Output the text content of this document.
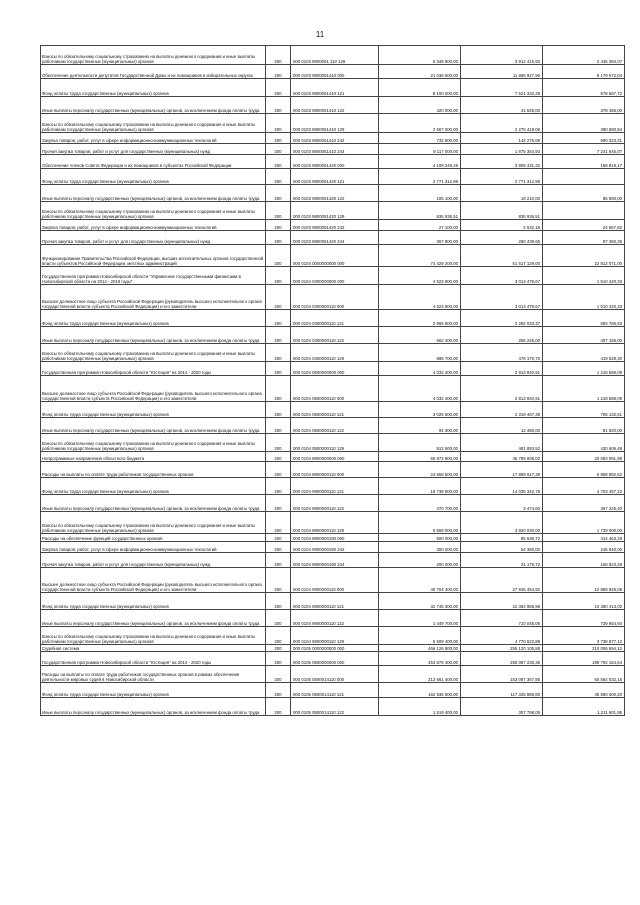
11
Взносы по обязательному социальному страхованию на выплаты денежного содержания и иные выплаты работникам государственных (муниципальных) органов	200	000 0103 8900051 110 129	6 348 800,00	3 912 415,93	2 436 384,07
Обеспечение деятельности депутатов Государственной Думы и их помощников в избирательных округах	200	000 0103 9800051410 000	21 036 600,00	11 856 927,96	9 179 672,04
Фонд оплаты труда государственных (муниципальных) органов	200	000 0103 9800051410 121	8 100 000,00	7 521 332,28	578 667,72
Иные выплаты персоналу государственных (муниципальных) органов, за исключением фонда оплаты труда	200	000 0103 9800051410 122	420 000,00	41 545,00	378 455,00
Взносы по обязательному социальному страхованию на выплаты денежного содержания и иные выплаты работникам государственных (муниципальных) органов	200	000 0103 9800051410 129	2 667 000,00	2 275 419,06	390 580,94
Закупка товаров, работ, услуг в сфере информационно-коммуникационных технологий	200	000 0103 9800051410 242	732 600,00	142 276,69	590 323,31
Прочая закупка товаров, работ и услуг для государственных (муниципальных) нужд	200	000 0103 9800051410 244	9 117 000,00	1 875 354,93	7 241 645,07
Обеспечение членов Совета Федерации и их помощников в субъектах Российской Федерации	200	000 0103 9800051420 000	4 108 249,49	3 909 431,32	198 818,17
Фонд оплаты труда государственных (муниципальных) органов	200	000 0103 9800051420 121	2 771 312,98	2 771 312,98	
Иные выплаты персоналу государственных (муниципальных) органов, за исключением фонда оплаты труда	200	000 0103 9800051420 122	105 100,00	18 210,00	86 890,00
Взносы по обязательному социальному страхованию на выплаты денежного содержания и иные выплаты работникам государственных (муниципальных) органов	200	000 0103 9800051420 129	836 936,51	836 936,51	
Закупка товаров, работ, услуг в сфере информационно-коммуникационных технологий	200	000 0103 9800051420 242	27 100,00	2 532,18	24 567,82
Прочая закупка товаров, работ и услуг для государственных (муниципальных) нужд	200	000 0103 9800051420 244	367 800,00	280 439,65	87 360,35
Функционирование Правительства Российской Федерации, высших исполнительных органов государственной власти субъектов Российской Федерации, местных администраций	200	000 0104 0000000000 000	74 429 200,00	51 617 129,00	22 812 071,00
Государственная программа Новосибирской области "Управление государственными финансами в Новосибирской области на 2014 - 2019 годы"	200	000 0104 0300000000 000	4 523 900,00	3 013 479,67	1 510 420,33
Высшее должностное лицо субъекта Российской Федерации (руководитель высшего исполнительного органа государственной власти субъекта Российской Федерации) и его заместители	200	000 0104 0300000110 000	4 523 900,00	3 013 479,67	1 510 420,33
Фонд оплаты труда государственных (муниципальных) органов	200	000 0104 0300000110 121	2 965 800,00	2 282 033,37	683 766,63
Иные выплаты персоналу государственных (муниципальных) органов, за исключением фонда оплаты труда	200	000 0104 0300000110 122	662 400,00	255 245,00	407 155,00
Взносы по обязательному социальному страхованию на выплаты денежного содержания и иные выплаты работникам государственных (муниципальных) органов	200	000 0104 0300000110 129	895 700,00	476 170,70	419 529,30
Государственная программа Новосибирской области "Юстиция" на 2014 - 2020 годы	200	000 0104 0500000000 000	4 032 400,00	2 813 840,91	1 218 559,09
Высшее должностное лицо субъекта Российской Федерации (руководитель высшего исполнительного органа государственной власти субъекта Российской Федерации) и его заместители	200	000 0104 0500000110 000	4 032 400,00	2 813 840,91	1 218 559,09
Фонд оплаты труда государственных (муниципальных) органов	200	000 0104 0500000110 121	3 025 600,00	2 319 467,39	706 132,61
Иные выплаты персоналу государственных (муниципальных) органов, за исключением фонда оплаты труда	200	000 0104 0500000110 122	94 300,00	12 480,00	81 820,00
Взносы по обязательному социальному страхованию на выплаты денежного содержания и иные выплаты работникам государственных (муниципальных) органов	200	000 0104 0500000110 129	912 500,00	481 893,52	430 606,48
Непрограммные направления областного бюджета	200	000 0104 9900000000 000	65 872 900,00	45 789 808,02	20 083 091,98
Расходы на выплаты по оплате труда работников государственных органов	200	000 0104 9900000110 000	24 668 500,00	17 859 617,38	6 808 882,62
Фонд оплаты труда государственных (муниципальных) органов	200	000 0104 9900000110 121	18 738 800,00	14 035 342,78	4 703 457,22
Иные выплаты персоналу государственных (муниципальных) органов, за исключением фонда оплаты труда	200	000 0104 9900000110 122	370 700,00	3 474,60	367 225,40
Взносы по обязательному социальному страхованию на выплаты денежного содержания и иные выплаты работникам государственных (муниципальных) органов	200	000 0104 9900000110 129	5 559 000,00	3 820 030,00	1 739 000,00
Расходы на обеспечение функций государственных органов	200	000 0104 9900000190 000	500 000,00	85 536,72	414 463,28
Закупка товаров, работ, услуг в сфере информационно-коммуникационных технологий	200	000 0104 9900000190 242	300 000,00	54 360,00	245 640,00
Прочая закупка товаров, работ и услуг для государственных (муниципальных) нужд	200	000 0104 9900000190 244	200 000,00	31 176,72	168 823,28
Высшее должностное лицо субъекта Российской Федерации (руководитель высшего исполнительного органа государственной власти субъекта Российской Федерации) и его заместители	200	000 0104 9900000110 000	40 704 400,00	27 845 454,92	12 858 945,08
Фонд оплаты труда государственных (муниципальных) органов	200	000 0104 9900000110 121	32 745 300,00	22 364 886,98	10 380 413,02
Иные выплаты персоналу государственных (муниципальных) органов, за исключением фонда оплаты труда	200	000 0104 9900000110 122	1 449 700,00	710 045,06	739 654,94
Взносы по обязательному социальному страхованию на выплаты денежного содержания и иные выплаты работникам государственных (муниципальных) органов	200	000 0104 9900000110 129	6 509 400,00	4 770 522,88	3 738 877,12
Судебная система	200	000 0105 0000000000 000	466 126 800,00	255 120 105,88	210 006 694,12
Государственная программа Новосибирской области "Юстиция" на 2014 - 2020 годы	200	000 0105 0500000000 000	454 879 400,00	255 087 235,36	199 792 164,64
Расходы на выплаты по оплате труда работников государственных органов в рамках обеспечения деятельности мировых судей в Новосибирской области	200	000 0105 0500014110 000	213 661 400,00	153 097 367,85	60 564 032,15
Фонд оплаты труда государственных (муниципальных) органов	200	000 0105 0500014110 121	162 936 500,00	117 345 889,80	45 590 600,20
Иные выплаты персоналу государственных (муниципальных) органов, за исключением фонда оплаты труда	200	000 0105 0500014110 122	1 519 400,00	307 798,05	1 211 601,95
